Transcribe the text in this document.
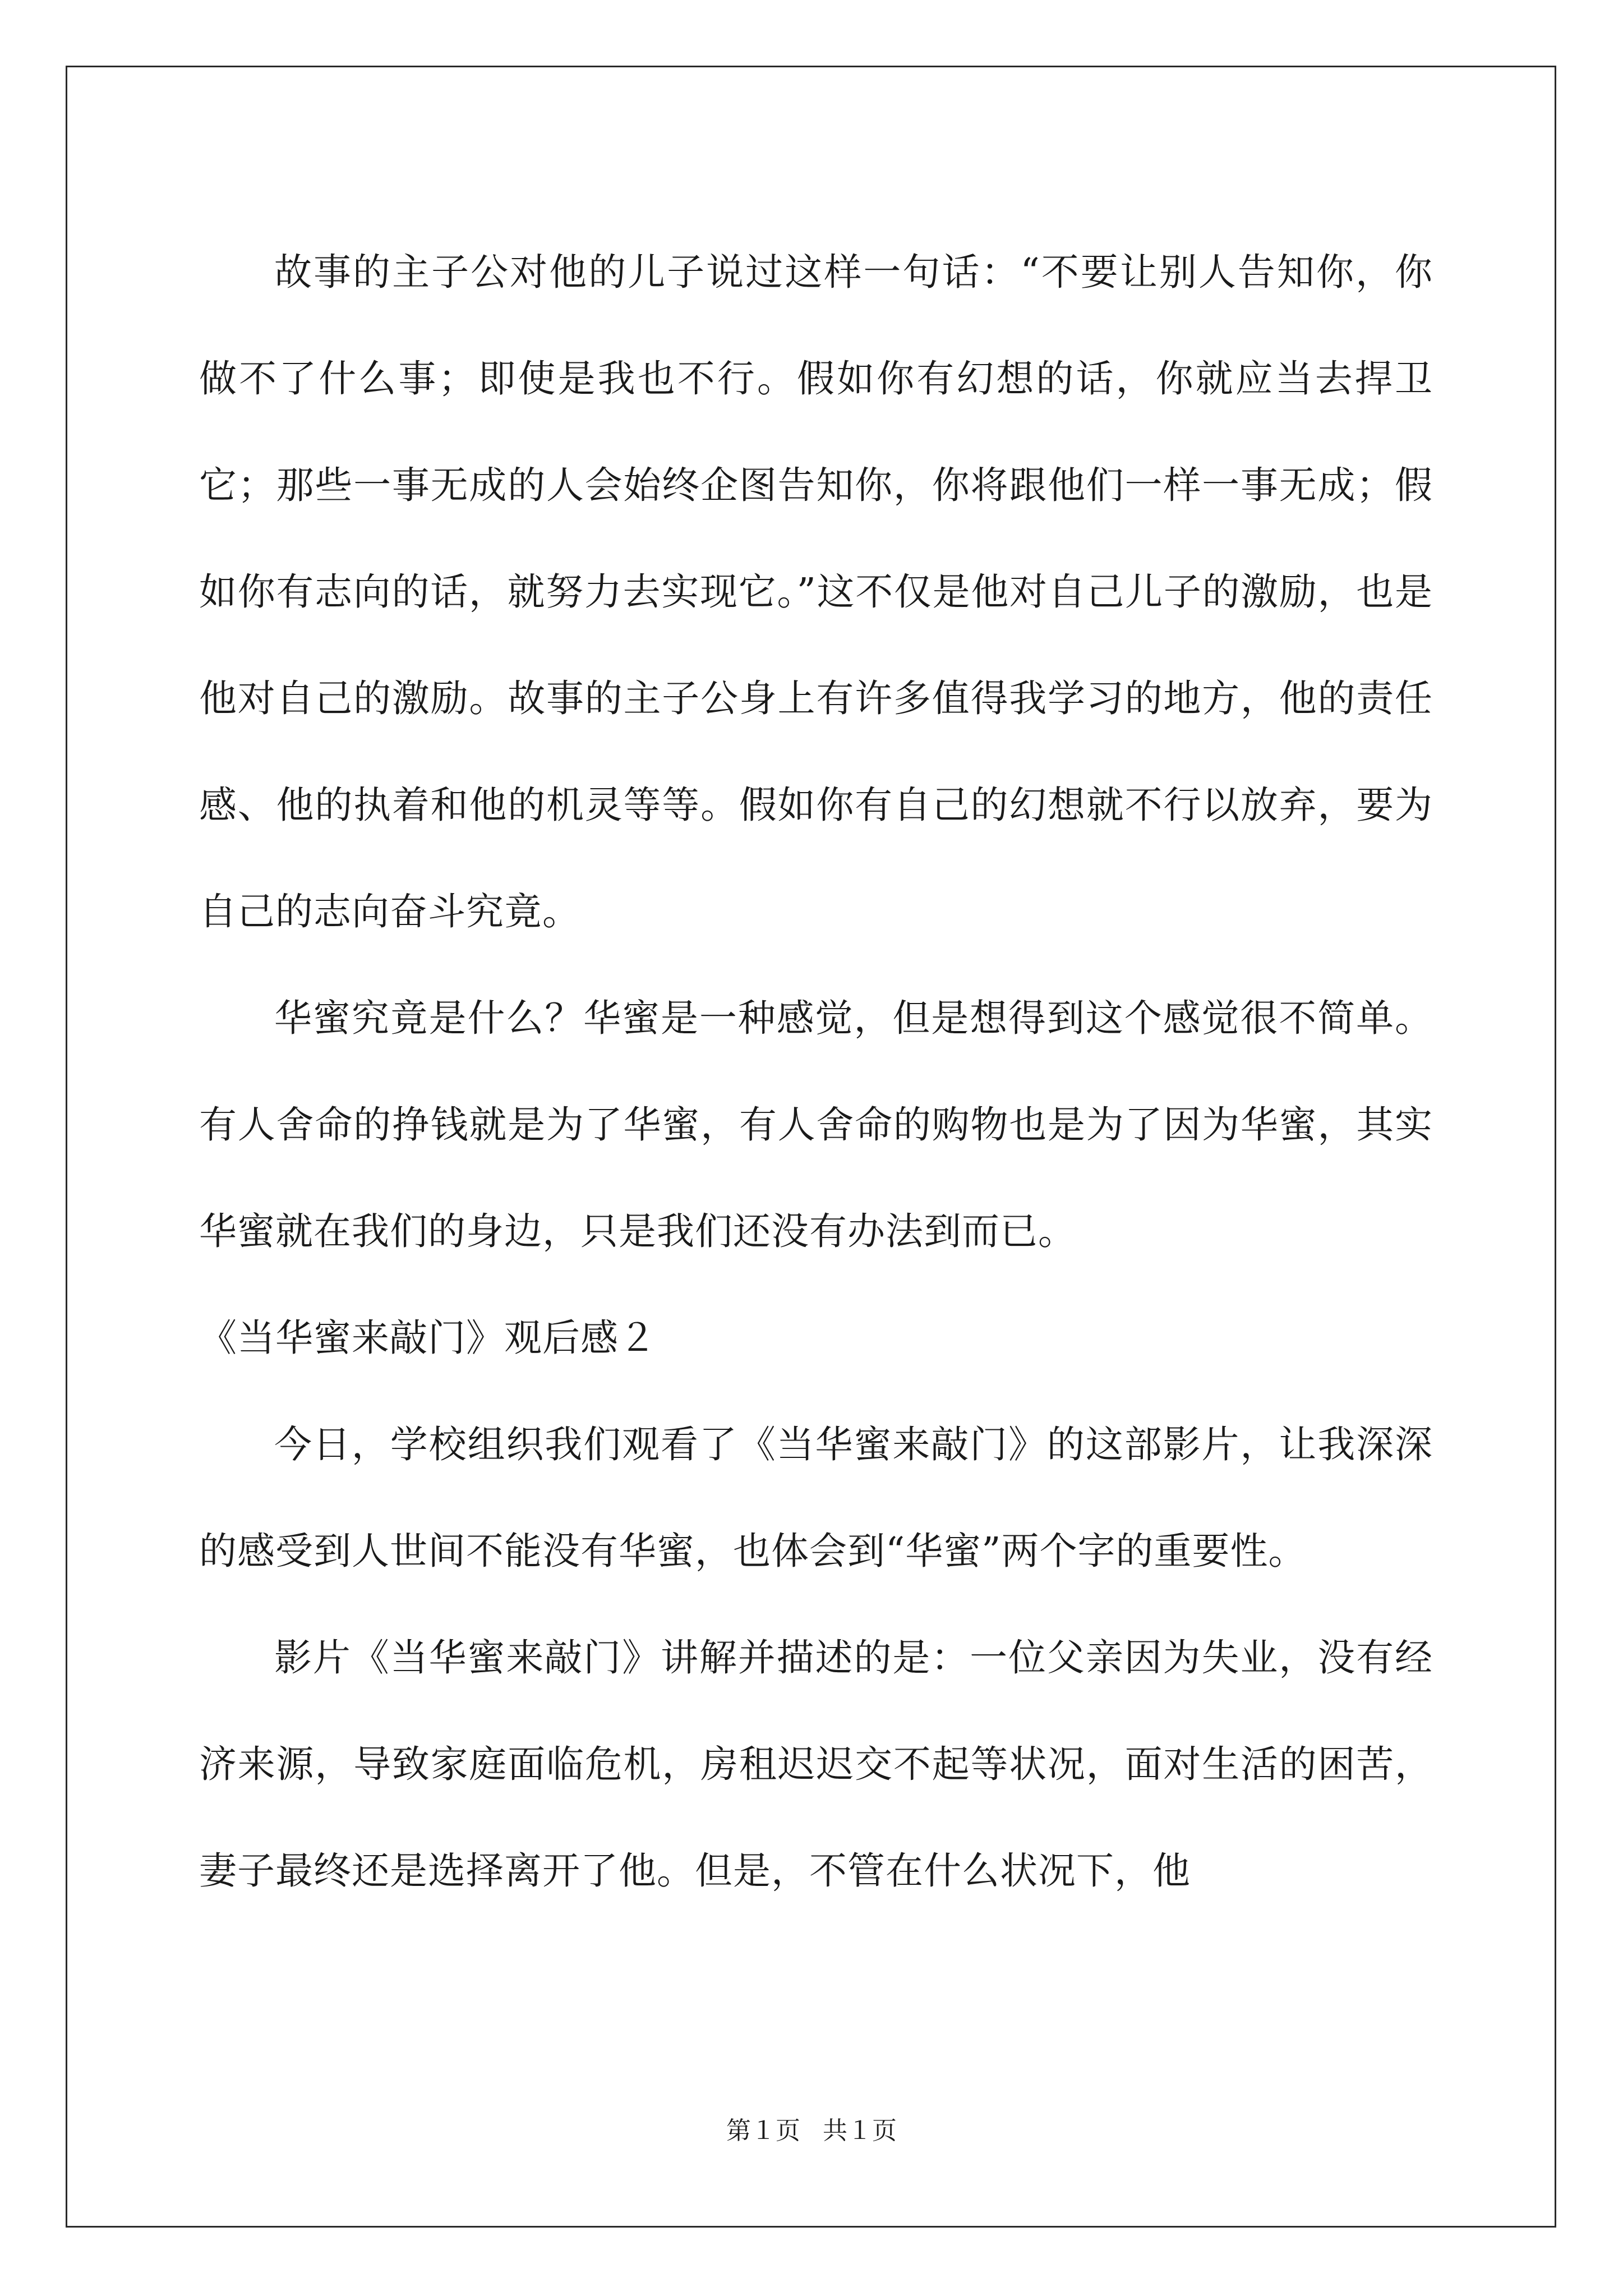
故事的主子公对他的儿子说过这样一句话：“不要让别人告知你，你做不了什么事；即使是我也不行。假如你有幻想的话，你就应当去捍卫它；那些一事无成的人会始终企图告知你，你将跟他们一样一事无成；假如你有志向的话，就努力去实现它。”这不仅是他对自己儿子的激励，也是他对自己的激励。故事的主子公身上有许多值得我学习的地方，他的责任感、他的执着和他的机灵等等。假如你有自己的幻想就不行以放弃，要为自己的志向奋斗究竟。

华蜜究竟是什么？华蜜是一种感觉，但是想得到这个感觉很不简单。有人舍命的挣钱就是为了华蜜，有人舍命的购物也是为了因为华蜜，其实华蜜就在我们的身边，只是我们还没有办法到而已。

《当华蜜来敲门》观后感２

今日，学校组织我们观看了《当华蜜来敲门》的这部影片，让我深深的感受到人世间不能没有华蜜，也体会到“华蜜”两个字的重要性。

影片《当华蜜来敲门》讲解并描述的是：一位父亲因为失业，没有经济来源，导致家庭面临危机，房租迟迟交不起等状况，面对生活的困苦，妻子最终还是选择离开了他。但是，不管在什么状况下，他

第１页 共１页
